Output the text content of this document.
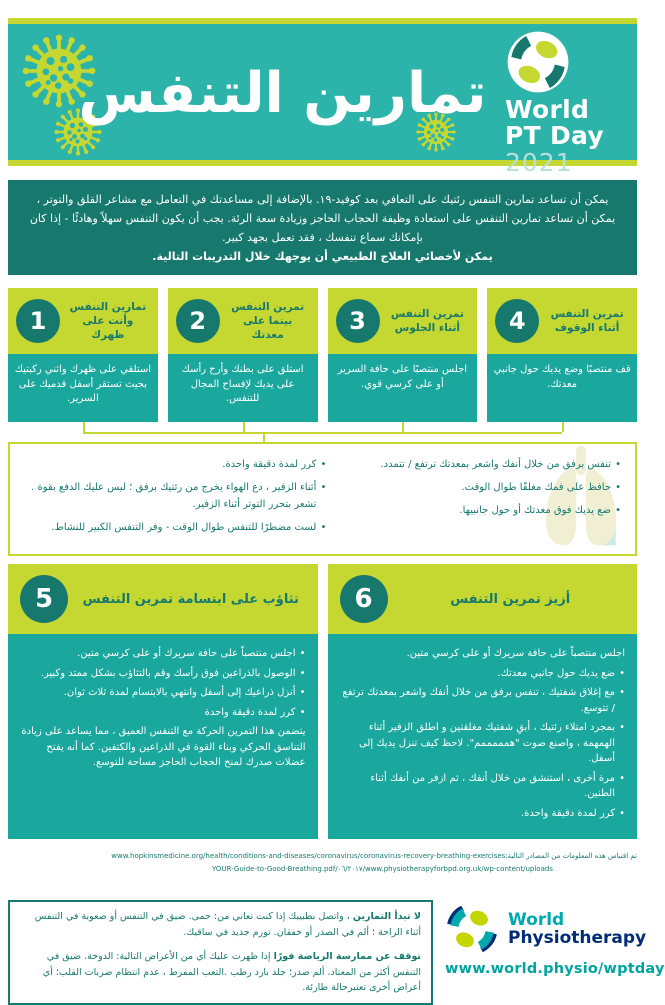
تمارين التنفس World
PT Day
2021

يمكن أن تساعد تمارين التنفس رئتيك على التعافي بعد كوفيد-١٩. بالإضافة إلى مساعدتك في التعامل مع مشاعر القلق والتوتر ، يمكن أن تساعد تمارين التنفس على استعادة وظيفة الحجاب الحاجز وزيادة سعة الرئة. يجب أن يكون التنفس سهلاً وهادئًا - إذا كان بإمكانك سماع تنفسك ، فقد تعمل بجهد كبير.

يمكن لأخصائي العلاج الطبيعي أن يوجهك خلال التدريبات التالية.

تمارين التنفس وأنت على ظهرك
1
استلقي على ظهرك واثني ركبتيك بحيث تستقر أسفل قدميك على السرير.
تمرين التنفس بينما على معدتك
2
استلق على بطنك وأرح رأسك على يديك لإفساح المجال للتنفس.
تمرين التنفس أثناء الجلوس
3
اجلس منتصبًا على حافة السرير أو على كرسي قوي.
تمرين التنفس أثناء الوقوف
4
قف منتصبًا وضع يديك حول جانبي معدتك.
• تنفس برفق من خلال أنفك واشعر بمعدتك ترتفع / تتمدد.
• حافظ على فمك مغلقًا طوال الوقت.
• ضع يديك فوق معدتك أو حول جانبيها.
• كرر لمدة دقيقة واحدة.
• أثناء الزفير ، دع الهواء يخرج من رئتيك برفق ؛ ليس عليك الدفع بقوة . تشعر بتحرر التوتر أثناء الزفير.
• لست مضطرًا للتنفس طوال الوقت - وفر التنفس الكبير للنشاط.
5	تثاؤب على ابتسامة تمرين التنفس
• اجلس منتصباً على حافة سريرك أو على كرسي متين.
• الوصول بالذراعين فوق رأسك وقم بالتثاؤب بشكل ممتد وكبير.
• أنزل ذراعيك إلى أسفل وانتهي بالابتسام لمدة ثلاث ثوان.
• كرر لمدة دقيقة واحدة

يتضمن هذا التمرين الحركة مع التنفس العميق ، مما يساعد على زيادة التناسق الحركي وبناء القوة في الذراعين والكتفين. كما أنه يفتح عضلات صدرك لمنح الحجاب الحاجز مساحة للتوسع.

6	أزيز تمرين التنفس

اجلس منتصباً على حافة سريرك أو على كرسي متين.

• ضع يديك حول جانبي معدتك.
• مع إغلاق شفتيك ، تنفس برفق من خلال أنفك واشعر بمعدتك ترتفع / تتوسع.
• بمجرد امتلاء رئتيك ، أبقِ شفتيك مغلقتين و اطلق الزفير أثناء الهمهمة ، واصنع صوت "همممممم". لاحظ كيف تنزل يديك إلى أسفل.
• مرة أخرى ، استنشق من خلال أنفك ، ثم ازفر من أنفك أثناء الطنين.
• كرر لمدة دقيقة واحدة.

تم اقتباس هذه المعلومات من المصادر التالية:www.hopkinsmedicine.org/health/conditions-and-diseases/coronavirus/coronavirus-recovery-breathing-exercises

YOUR-Guide-to-Good-Breathing.pdf/٠٦/٢٠١٧/www.physiotherapyforbpd.org.uk/wp-content/uploads

لا تبدأ التمارين ، واتصل بطبيبك إذا كنت تعاني من: حمى. ضيق في التنفس أو صعوبة في التنفس أثناء الراحة ؛ ألم في الصدر أو خفقان. تورم جديد في ساقيك.

توقف عن ممارسة الرياضة فورًا إذا ظهرت عليك أي من الأعراض التالية: الدوخة. ضيق في التنفس أكثر من المعتاد. ألم صدر؛ جلد بارد رطب .التعب المفرط ، عدم انتظام ضربات القلب؛ أي أعراض أخرى تعتبرحالة طارئة.

World
Physiotherapy
www.world.physio/wptday
